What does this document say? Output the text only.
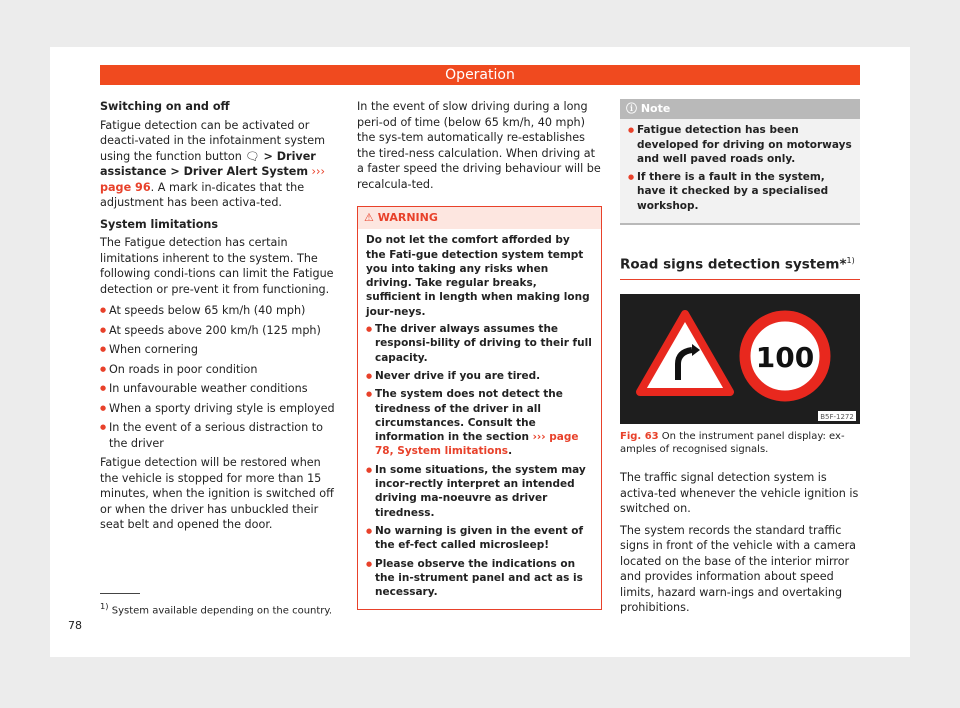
Operation

Switching on and off

Fatigue detection can be activated or deacti-vated in the infotainment system using the function button 🗨 > Driver assistance > Driver Alert System ››› page 96. A mark in-dicates that the adjustment has been activa-ted.

System limitations

The Fatigue detection has certain limitations inherent to the system. The following condi-tions can limit the Fatigue detection or pre-vent it from functioning.

● At speeds below 65 km/h (40 mph)
● At speeds above 200 km/h (125 mph)
● When cornering
● On roads in poor condition
● In unfavourable weather conditions
● When a sporty driving style is employed
● In the event of a serious distraction to the driver

Fatigue detection will be restored when the vehicle is stopped for more than 15 minutes, when the ignition is switched off or when the driver has unbuckled their seat belt and opened the door.

In the event of slow driving during a long peri-od of time (below 65 km/h, 40 mph) the sys-tem automatically re-establishes the tired-ness calculation. When driving at a faster speed the driving behaviour will be recalcula-ted.

⚠ WARNING

Do not let the comfort afforded by the Fati-gue detection system tempt you into taking any risks when driving. Take regular breaks, sufficient in length when making long jour-neys.

● The driver always assumes the responsi-bility of driving to their full capacity.
● Never drive if you are tired.
● The system does not detect the tiredness of the driver in all circumstances. Consult the information in the section ››› page 78, System limitations.
● In some situations, the system may incor-rectly interpret an intended driving ma-noeuvre as driver tiredness.
● No warning is given in the event of the ef-fect called microsleep!
● Please observe the indications on the in-strument panel and act as is necessary.
ⓘ Note
● Fatigue detection has been developed for driving on motorways and well paved roads only.
● If there is a fault in the system, have it checked by a specialised workshop.
Road signs detection system*$^{1)}$
100
B5F-1272
Fig. 63 On the instrument panel display: ex-amples of recognised signals.

The traffic signal detection system is activa-ted whenever the vehicle ignition is switched on.

The system records the standard traffic signs in front of the vehicle with a camera located on the base of the interior mirror and provides information about speed limits, hazard warn-ings and overtaking prohibitions.

$^{1)}$ System available depending on the country.
78
